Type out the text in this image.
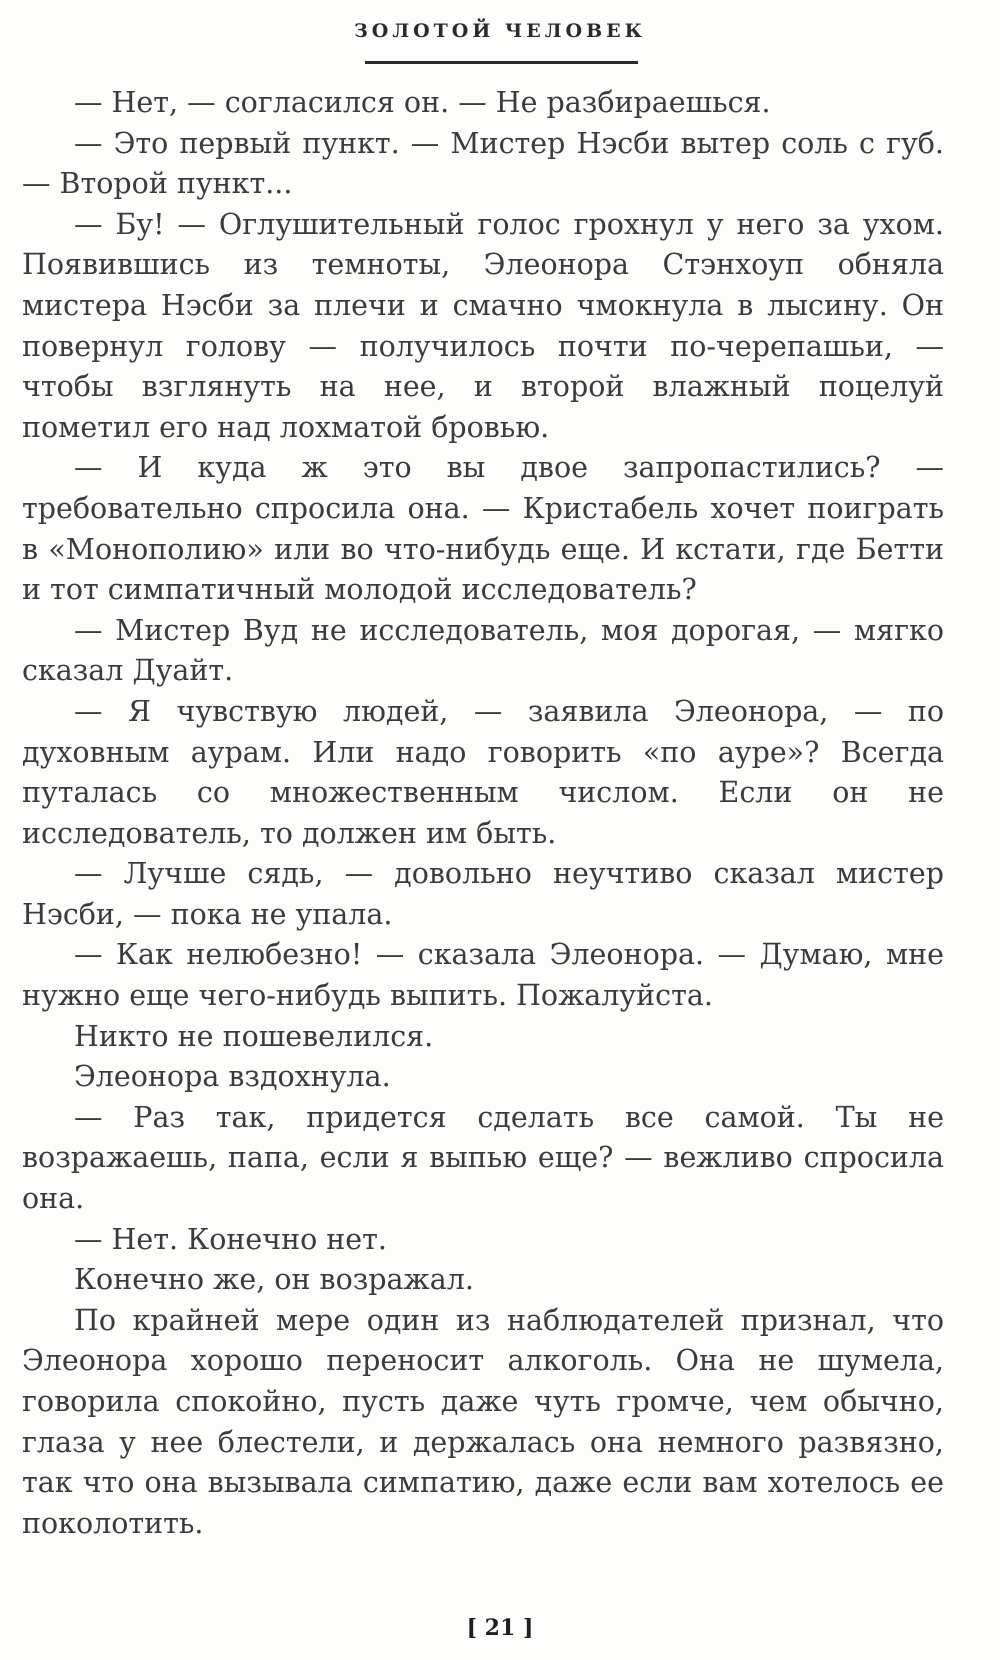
ЗОЛОТОЙ ЧЕЛОВЕК

— Нет, — согласился он. — Не разбираешься.

— Это первый пункт. — Мистер Нэсби вытер соль с губ. — Второй пункт...

— Бу! — Оглушительный голос грохнул у него за ухом. Появившись из темноты, Элеонора Стэнхоуп обняла мистера Нэсби за плечи и смачно чмокнула в лысину. Он повернул голову — получилось почти по-черепашьи, — чтобы взглянуть на нее, и второй влажный поцелуй пометил его над лохматой бровью.

— И куда ж это вы двое запропастились? — требовательно спросила она. — Кристабель хочет поиграть в «Монополию» или во что-нибудь еще. И кстати, где Бетти и тот симпатичный молодой исследователь?

— Мистер Вуд не исследователь, моя дорогая, — мягко сказал Дуайт.

— Я чувствую людей, — заявила Элеонора, — по духовным аурам. Или надо говорить «по ауре»? Всегда путалась со множественным числом. Если он не исследователь, то должен им быть.

— Лучше сядь, — довольно неучтиво сказал мистер Нэсби, — пока не упала.

— Как нелюбезно! — сказала Элеонора. — Думаю, мне нужно еще чего-нибудь выпить. Пожалуйста.

Никто не пошевелился.

Элеонора вздохнула.

— Раз так, придется сделать все самой. Ты не возражаешь, папа, если я выпью еще? — вежливо спросила она.

— Нет. Конечно нет.

Конечно же, он возражал.

По крайней мере один из наблюдателей признал, что Элеонора хорошо переносит алкоголь. Она не шумела, говорила спокойно, пусть даже чуть громче, чем обычно, глаза у нее блестели, и держалась она немного развязно, так что она вызывала симпатию, даже если вам хотелось ее поколотить.

[ 21 ]
